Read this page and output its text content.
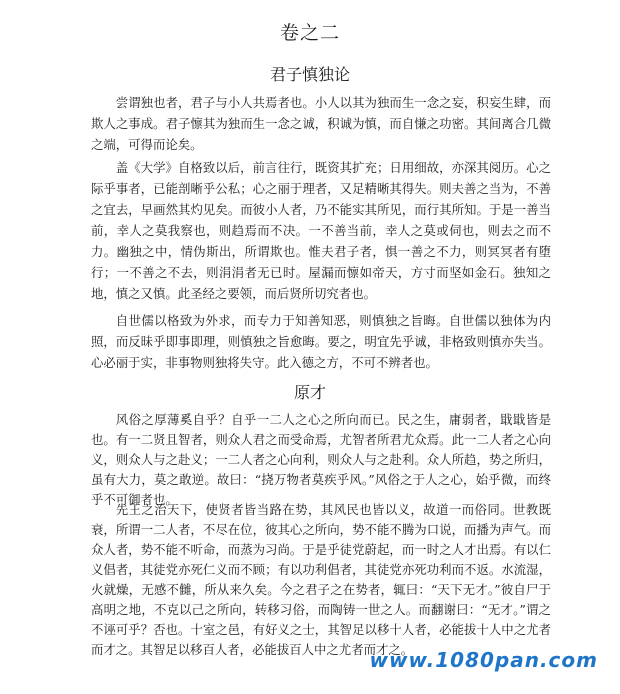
卷之二
君子慎独论

尝谓独也者，君子与小人共焉者也。小人以其为独而生一念之妄，积妄生肆，而欺人之事成。君子懔其为独而生一念之诚，积诚为慎，而自慊之功密。其间离合几微之端，可得而论矣。

盖《大学》自格致以后，前言往行，既资其扩充；日用细故，亦深其阅历。心之际乎事者，已能剖晰乎公私；心之丽于理者，又足精晰其得失。则夫善之当为，不善之宜去，早画然其灼见矣。而彼小人者，乃不能实其所见，而行其所知。于是一善当前，幸人之莫我察也，则趋焉而不决。一不善当前，幸人之莫或伺也，则去之而不力。幽独之中，情伪斯出，所谓欺也。惟夫君子者，惧一善之不力，则冥冥者有堕行；一不善之不去，则涓涓者无已时。屋漏而懔如帝天，方寸而坚如金石。独知之地，慎之又慎。此圣经之要领，而后贤所切究者也。

自世儒以格致为外求，而专力于知善知恶，则慎独之旨晦。自世儒以独体为内照，而反昧乎即事即理，则慎独之旨愈晦。要之，明宜先乎诚，非格致则慎亦失当。心必丽于实，非事物则独将失守。此入德之方，不可不辨者也。

原才

风俗之厚薄奚自乎？自乎一二人之心之所向而已。民之生，庸弱者，戢戢皆是也。有一二贤且智者，则众人君之而受命焉，尤智者所君尤众焉。此一二人者之心向义，则众人与之赴义；一二人者之心向利，则众人与之赴利。众人所趋，势之所归，虽有大力，莫之敢逆。故曰：“挠万物者莫疾乎风。”风俗之于人之心，始乎微，而终乎不可御者也。

先王之治天下，使贤者皆当路在势，其风民也皆以义，故道一而俗同。世教既衰，所谓一二人者，不尽在位，彼其心之所向，势不能不腾为口说，而播为声气。而众人者，势不能不听命，而蒸为习尚。于是乎徒党蔚起，而一时之人才出焉。有以仁义倡者，其徒党亦死仁义而不顾；有以功利倡者，其徒党亦死功利而不返。水流湿，火就燥，无感不雠，所从来久矣。今之君子之在势者，辄曰：“天下无才。”彼自尸于高明之地，不克以己之所向，转移习俗，而陶铸一世之人。而翻谢曰：“无才。”谓之不诬可乎？否也。十室之邑，有好义之士，其智足以移十人者，必能拔十人中之尤者而才之。其智足以移百人者，必能拔百人中之尤者而才之。

www.1080pan.com
